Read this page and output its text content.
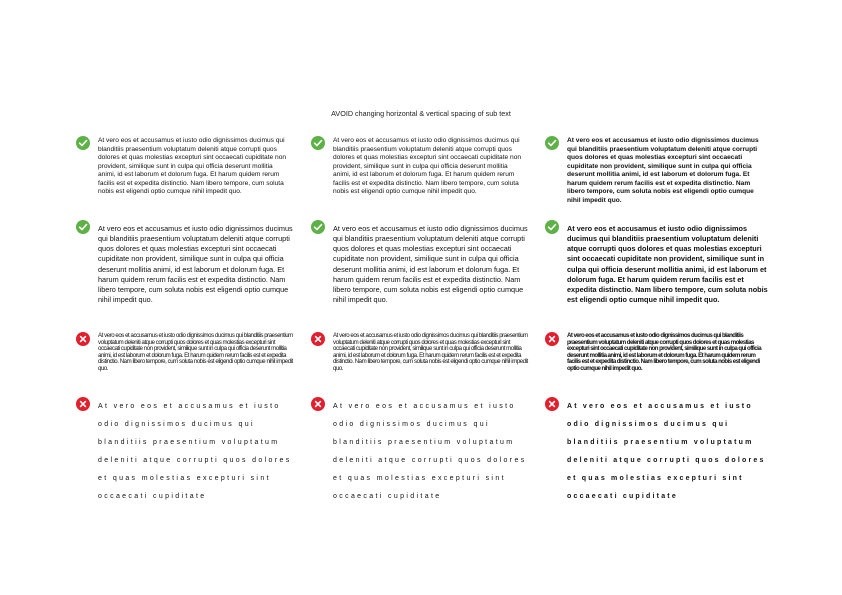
AVOID changing horizontal & vertical spacing of sub text

At vero eos et accusamus et iusto odio dignissimos ducimus qui blanditiis praesentium voluptatum deleniti atque corrupti quos dolores et quas molestias excepturi sint occaecati cupiditate non provident, similique sunt in culpa qui officia deserunt mollitia animi, id est laborum et dolorum fuga. Et harum quidem rerum facilis est et expedita distinctio. Nam libero tempore, cum soluta nobis est eligendi optio cumque nihil impedit quo.

At vero eos et accusamus et iusto odio dignissimos ducimus qui blanditiis praesentium voluptatum deleniti atque corrupti quos dolores et quas molestias excepturi sint occaecati cupiditate non provident, similique sunt in culpa qui officia deserunt mollitia animi, id est laborum et dolorum fuga. Et harum quidem rerum facilis est et expedita distinctio. Nam libero tempore, cum soluta nobis est eligendi optio cumque nihil impedit quo.

At vero eos et accusamus et iusto odio dignissimos ducimus qui blanditiis praesentium voluptatum deleniti atque corrupti quos dolores et quas molestias excepturi sint occaecati cupiditate non provident, similique sunt in culpa qui officia deserunt mollitia animi, id est laborum et dolorum fuga. Et harum quidem rerum facilis est et expedita distinctio. Nam libero tempore, cum soluta nobis est eligendi optio cumque nihil impedit quo.

At vero eos et accusamus et iusto odio dignissimos ducimus qui blanditiis praesentium voluptatum deleniti atque corrupti quos dolores et quas molestias excepturi sint occaecati cupiditate non provident, similique sunt in culpa qui officia deserunt mollitia animi, id est laborum et dolorum fuga. Et harum quidem rerum facilis est et expedita distinctio. Nam libero tempore, cum soluta nobis est eligendi optio cumque nihil impedit quo.

At vero eos et accusamus et iusto odio dignissimos ducimus qui blanditiis praesentium voluptatum deleniti atque corrupti quos dolores et quas molestias excepturi sint occaecati cupiditate non provident, similique sunt in culpa qui officia deserunt mollitia animi, id est laborum et dolorum fuga. Et harum quidem rerum facilis est et expedita distinctio. Nam libero tempore, cum soluta nobis est eligendi optio cumque nihil impedit quo.

At vero eos et accusamus et iusto odio dignissimos ducimus qui blanditiis praesentium voluptatum deleniti atque corrupti quos dolores et quas molestias excepturi sint occaecati cupiditate non provident, similique sunt in culpa qui officia deserunt mollitia animi, id est laborum et dolorum fuga. Et harum quidem rerum facilis est et expedita distinctio. Nam libero tempore, cum soluta nobis est eligendi optio cumque nihil impedit quo.

At vero eos et accusamus et iusto odio dignissimos ducimus qui blanditiis praesentium voluptatum deleniti atque corrupti quos dolores et quas molestias excepturi sint occaecati cupiditate non provident, similique sunt in culpa qui officia deserunt mollitia animi, id est laborum et dolorum fuga. Et harum quidem rerum facilis est et expedita distinctio. Nam libero tempore, cum soluta nobis est eligendi optio cumque nihil impedit quo.

At vero eos et accusamus et iusto odio dignissimos ducimus qui blanditiis praesentium voluptatum deleniti atque corrupti quos dolores et quas molestias excepturi sint occaecati cupiditate non provident, similique sunt in culpa qui officia deserunt mollitia animi, id est laborum et dolorum fuga. Et harum quidem rerum facilis est et expedita distinctio. Nam libero tempore, cum soluta nobis est eligendi optio cumque nihil impedit quo.

At vero eos et accusamus et iusto odio dignissimos ducimus qui blanditiis praesentium voluptatum deleniti atque corrupti quos dolores et quas molestias excepturi sint occaecati cupiditate non provident, similique sunt in culpa qui officia deserunt mollitia animi, id est laborum et dolorum fuga. Et harum quidem rerum facilis est et expedita distinctio. Nam libero tempore, cum soluta nobis est eligendi optio cumque nihil impedit quo.

At vero eos et accusamus et iusto odio dignissimos ducimus qui blanditiis praesentium voluptatum deleniti atque corrupti quos dolores et quas molestias excepturi sint occaecati cupiditate

At vero eos et accusamus et iusto odio dignissimos ducimus qui blanditiis praesentium voluptatum deleniti atque corrupti quos dolores et quas molestias excepturi sint occaecati cupiditate

At vero eos et accusamus et iusto odio dignissimos ducimus qui blanditiis praesentium voluptatum deleniti atque corrupti quos dolores et quas molestias excepturi sint occaecati cupiditate
